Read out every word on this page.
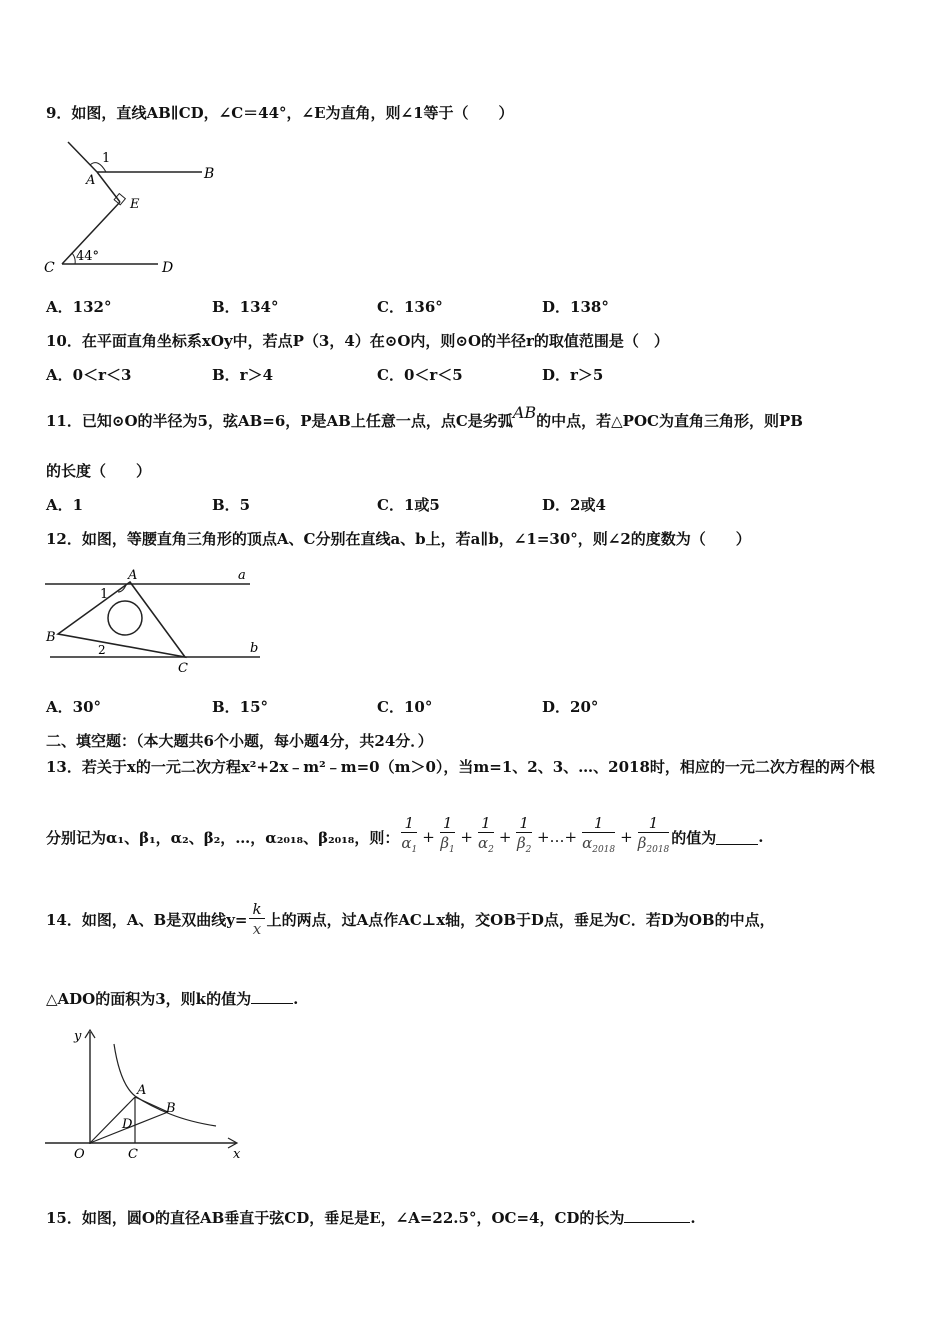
9．如图，直线AB∥CD，∠C＝44°，∠E为直角，则∠1等于（　　）
1
A	B
E
C
44°
D
A．132°	B．134°	C．136°	D．138°
10．在平面直角坐标系xOy中，若点P（3，4）在⊙O内，则⊙O的半径r的取值范围是（　）
A．0＜r＜3	B．r＞4	C．0＜r＜5	D．r＞5
11．已知⊙O的半径为5，弦AB=6，P是AB上任意一点，点C是劣弧AB的中点，若△POC为直角三角形，则PB
的长度（　　）
A．1	B．5	C．1或5	D．2或4
12．如图，等腰直角三角形的顶点A、C分别在直线a、b上，若a∥b，∠1=30°，则∠2的度数为（　　）
A	a
1
B
2
C
b
A．30°	B．15°	C．10°	D．20°
二、填空题：（本大题共6个小题，每小题4分，共24分．）
13．若关于x的一元二次方程x²+2x﹣m²﹣m=0（m＞0），当m=1、2、3、…、2018时，相应的一元二次方程的两个根
分别记为α₁、β₁，α₂、β₂，…，α₂₀₁₈、β₂₀₁₈，则： $\frac{1}{\alpha_1} + \frac{1}{\beta_1} + \frac{1}{\alpha_2} + \frac{1}{\beta_2}$ +…+ $\frac{1}{\alpha_{2018}} + \frac{1}{\beta_{2018}}$ 的值为	.
14．如图，A、B是双曲线$y= \frac{k}{x}$ 上的两点，过A点作AC⊥x轴，交OB于D点，垂足为C．若D为OB的中点，
△ADO的面积为3，则k的值为	.
y
A
B
D
O	C	x
15．如图，圆O的直径AB垂直于弦CD，垂足是E，∠A=22.5°，OC=4，CD的长为	.
